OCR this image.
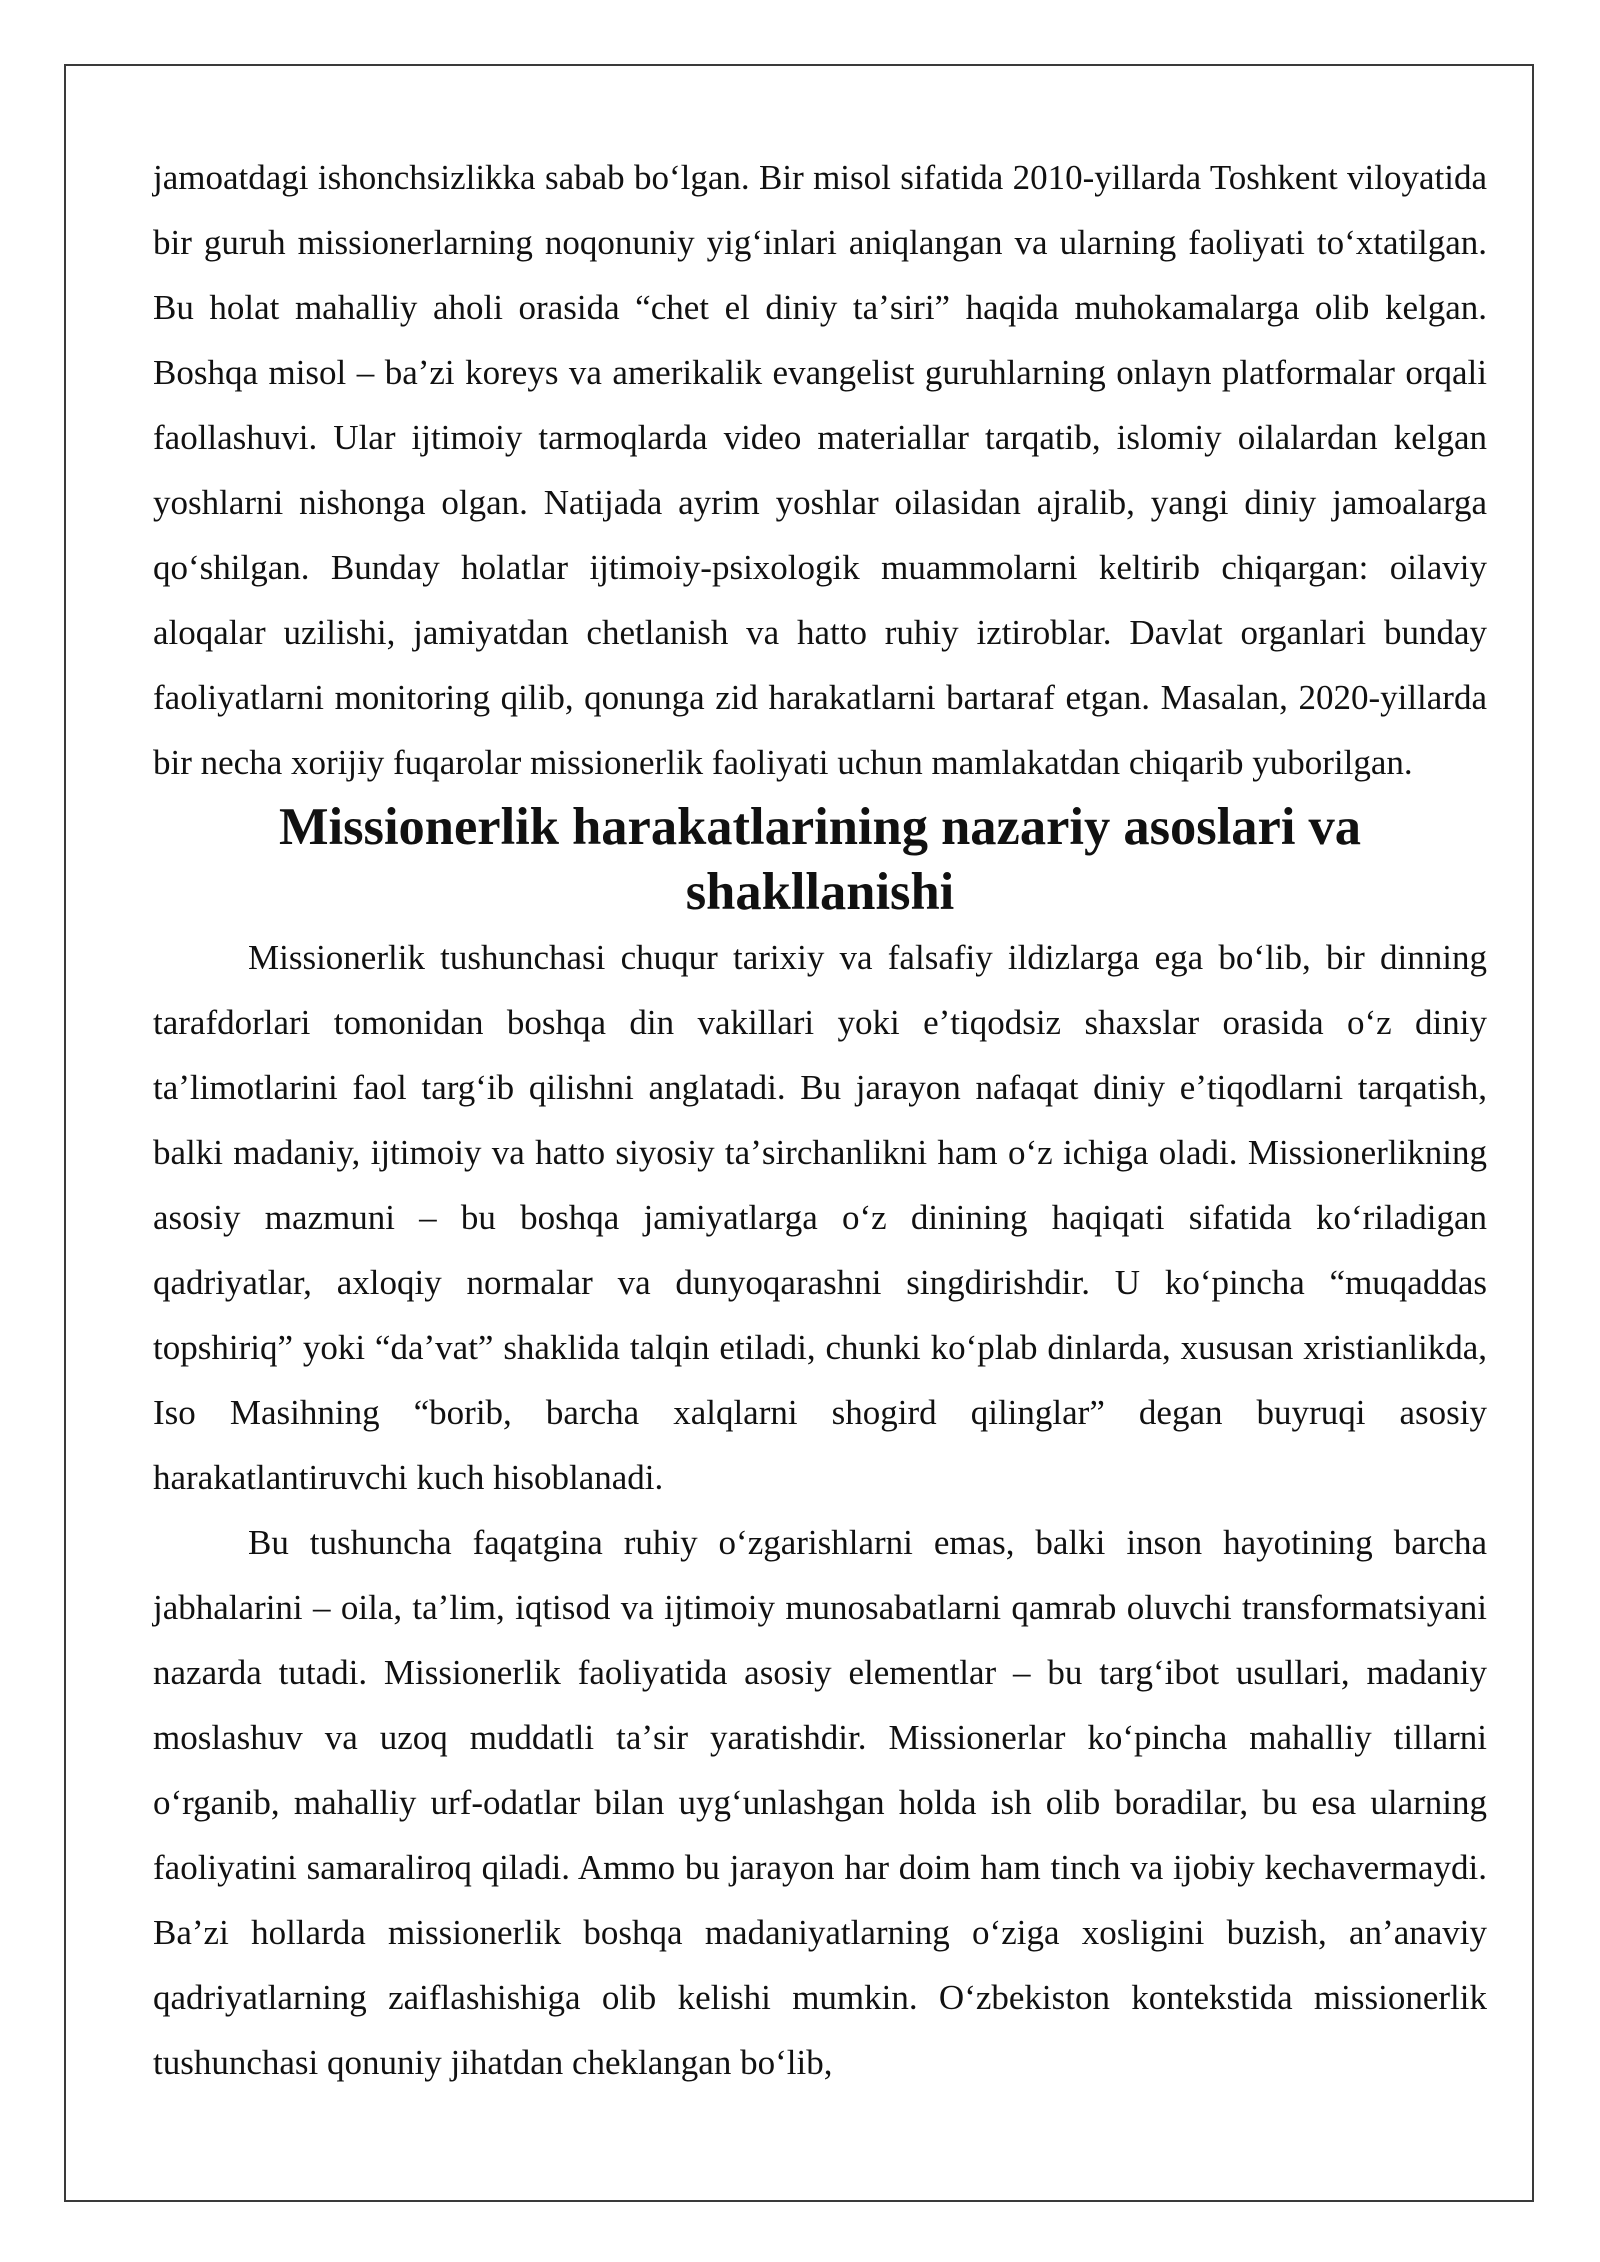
jamoatdagi ishonchsizlikka sabab boʻlgan. Bir misol sifatida 2010-yillarda Toshkent viloyatida bir guruh missionerlarning noqonuniy yigʻinlari aniqlangan va ularning faoliyati toʻxtatilgan. Bu holat mahalliy aholi orasida “chet el diniy taʼsiri” haqida muhokamalarga olib kelgan. Boshqa misol – baʼzi koreys va amerikalik evangelist guruhlarning onlayn platformalar orqali faollashuvi. Ular ijtimoiy tarmoqlarda video materiallar tarqatib, islomiy oilalardan kelgan yoshlarni nishonga olgan. Natijada ayrim yoshlar oilasidan ajralib, yangi diniy jamoalarga qoʻshilgan. Bunday holatlar ijtimoiy-psixologik muammolarni keltirib chiqargan: oilaviy aloqalar uzilishi, jamiyatdan chetlanish va hatto ruhiy iztiroblar. Davlat organlari bunday faoliyatlarni monitoring qilib, qonunga zid harakatlarni bartaraf etgan. Masalan, 2020-yillarda bir necha xorijiy fuqarolar missionerlik faoliyati uchun mamlakatdan chiqarib yuborilgan.

Missionerlik harakatlarining nazariy asoslari va shakllanishi

Missionerlik tushunchasi chuqur tarixiy va falsafiy ildizlarga ega boʻlib, bir dinning tarafdorlari tomonidan boshqa din vakillari yoki eʼtiqodsiz shaxslar orasida oʻz diniy taʼlimotlarini faol targʻib qilishni anglatadi. Bu jarayon nafaqat diniy eʼtiqodlarni tarqatish, balki madaniy, ijtimoiy va hatto siyosiy taʼsirchanlikni ham oʻz ichiga oladi. Missionerlikning asosiy mazmuni – bu boshqa jamiyatlarga oʻz dinining haqiqati sifatida koʻriladigan qadriyatlar, axloqiy normalar va dunyoqarashni singdirishdir. U koʻpincha “muqaddas topshiriq” yoki “daʼvat” shaklida talqin etiladi, chunki koʻplab dinlarda, xususan xristianlikda, Iso Masihning “borib, barcha xalqlarni shogird qilinglar” degan buyruqi asosiy harakatlantiruvchi kuch hisoblanadi.

Bu tushuncha faqatgina ruhiy oʻzgarishlarni emas, balki inson hayotining barcha jabhalarini – oila, taʼlim, iqtisod va ijtimoiy munosabatlarni qamrab oluvchi transformatsiyani nazarda tutadi. Missionerlik faoliyatida asosiy elementlar – bu targʻibot usullari, madaniy moslashuv va uzoq muddatli taʼsir yaratishdir. Missionerlar koʻpincha mahalliy tillarni oʻrganib, mahalliy urf-odatlar bilan uygʻunlashgan holda ish olib boradilar, bu esa ularning faoliyatini samaraliroq qiladi. Ammo bu jarayon har doim ham tinch va ijobiy kechavermaydi. Baʼzi hollarda missionerlik boshqa madaniyatlarning oʻziga xosligini buzish, anʼanaviy qadriyatlarning zaiflashishiga olib kelishi mumkin. Oʻzbekiston kontekstida missionerlik tushunchasi qonuniy jihatdan cheklangan boʻlib,
